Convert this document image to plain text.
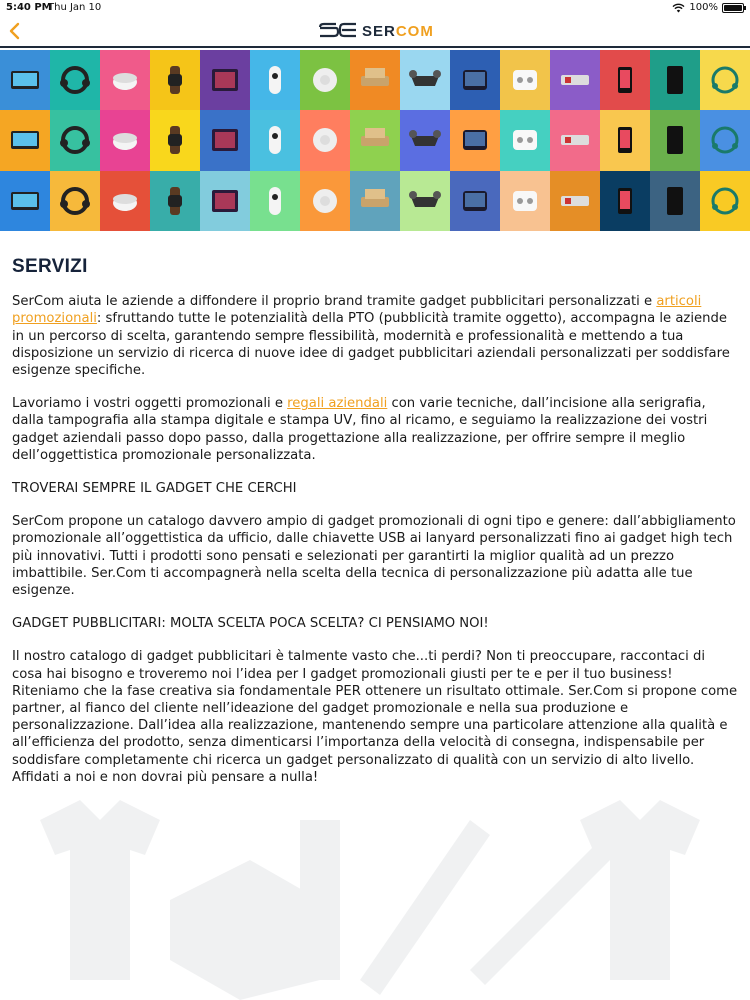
5:40 PM
Thu Jan 10	100%
SERCOM
SERVIZI

SerCom aiuta le aziende a diffondere il proprio brand tramite gadget pubblicitari personalizzati e articoli promozionali: sfruttando tutte le potenzialità della PTO (pubblicità tramite oggetto), accompagna le aziende in un percorso di scelta, garantendo sempre flessibilità, modernità e professionalità e mettendo a tua disposizione un servizio di ricerca di nuove idee di gadget pubblicitari aziendali personalizzati per soddisfare esigenze specifiche.

Lavoriamo i vostri oggetti promozionali e regali aziendali con varie tecniche, dall’incisione alla serigrafia, dalla tampografia alla stampa digitale e stampa UV, fino al ricamo, e seguiamo la realizzazione dei vostri gadget aziendali passo dopo passo, dalla progettazione alla realizzazione, per offrire sempre il meglio dell’oggettistica promozionale personalizzata.

TROVERAI SEMPRE IL GADGET CHE CERCHI

SerCom propone un catalogo davvero ampio di gadget promozionali di ogni tipo e genere: dall’abbigliamento promozionale all’oggettistica da ufficio, dalle chiavette USB ai lanyard personalizzati fino ai gadget high tech più innovativi. Tutti i prodotti sono pensati e selezionati per garantirti la miglior qualità ad un prezzo imbattibile. Ser.Com ti accompagnerà nella scelta della tecnica di personalizzazione più adatta alle tue esigenze.

GADGET PUBBLICITARI: MOLTA SCELTA POCA SCELTA? CI PENSIAMO NOI!

Il nostro catalogo di gadget pubblicitari è talmente vasto che...ti perdi? Non ti preoccupare, raccontaci di cosa hai bisogno e troveremo noi l’idea per I gadget promozionali giusti per te e per il tuo business! Riteniamo che la fase creativa sia fondamentale PER ottenere un risultato ottimale. Ser.Com si propone come partner, al fianco del cliente nell’ideazione del gadget promozionale e nella sua produzione e personalizzazione. Dall’idea alla realizzazione, mantenendo sempre una particolare attenzione alla qualità e all’efficienza del prodotto, senza dimenticarsi l’importanza della velocità di consegna, indispensabile per soddisfare completamente chi ricerca un gadget personalizzato di qualità con un servizio di alto livello. Affidati a noi e non dovrai più pensare a nulla!
